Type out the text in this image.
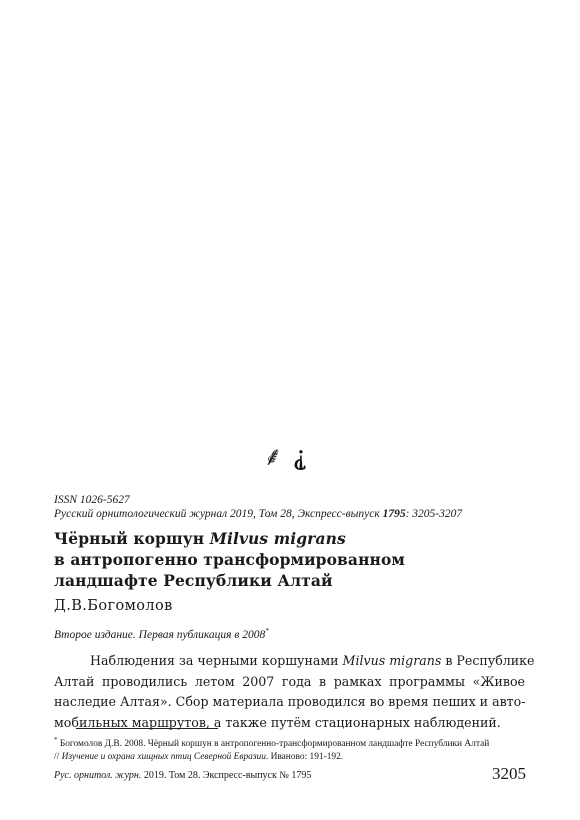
⸙⸘
ISSN 1026-5627
Русский орнитологический журнал 2019, Том 28, Экспресс-выпуск 1795: 3205-3207
Чёрный коршун Milvus migrans
в антропогенно трансформированном
ландшафте Республики Алтай
Д.В.Богомолов
Второе издание. Первая публикация в 2008*
Наблюдения за черными коршунами Milvus migrans в Республике
Алтай проводились летом 2007 года в рамках программы «Живое
наследие Алтая». Сбор материала проводился во время пеших и авто-
мобильных маршрутов, а также путём стационарных наблюдений.
* Богомолов Д.В. 2008. Чёрный коршун в антропогенно-трансформированном ландшафте Республики Алтай
// Изучение и охрана хищных птиц Северной Евразии. Иваново: 191-192.
Рус. орнитол. журн. 2019. Том 28. Экспресс-выпуск № 1795	3205
